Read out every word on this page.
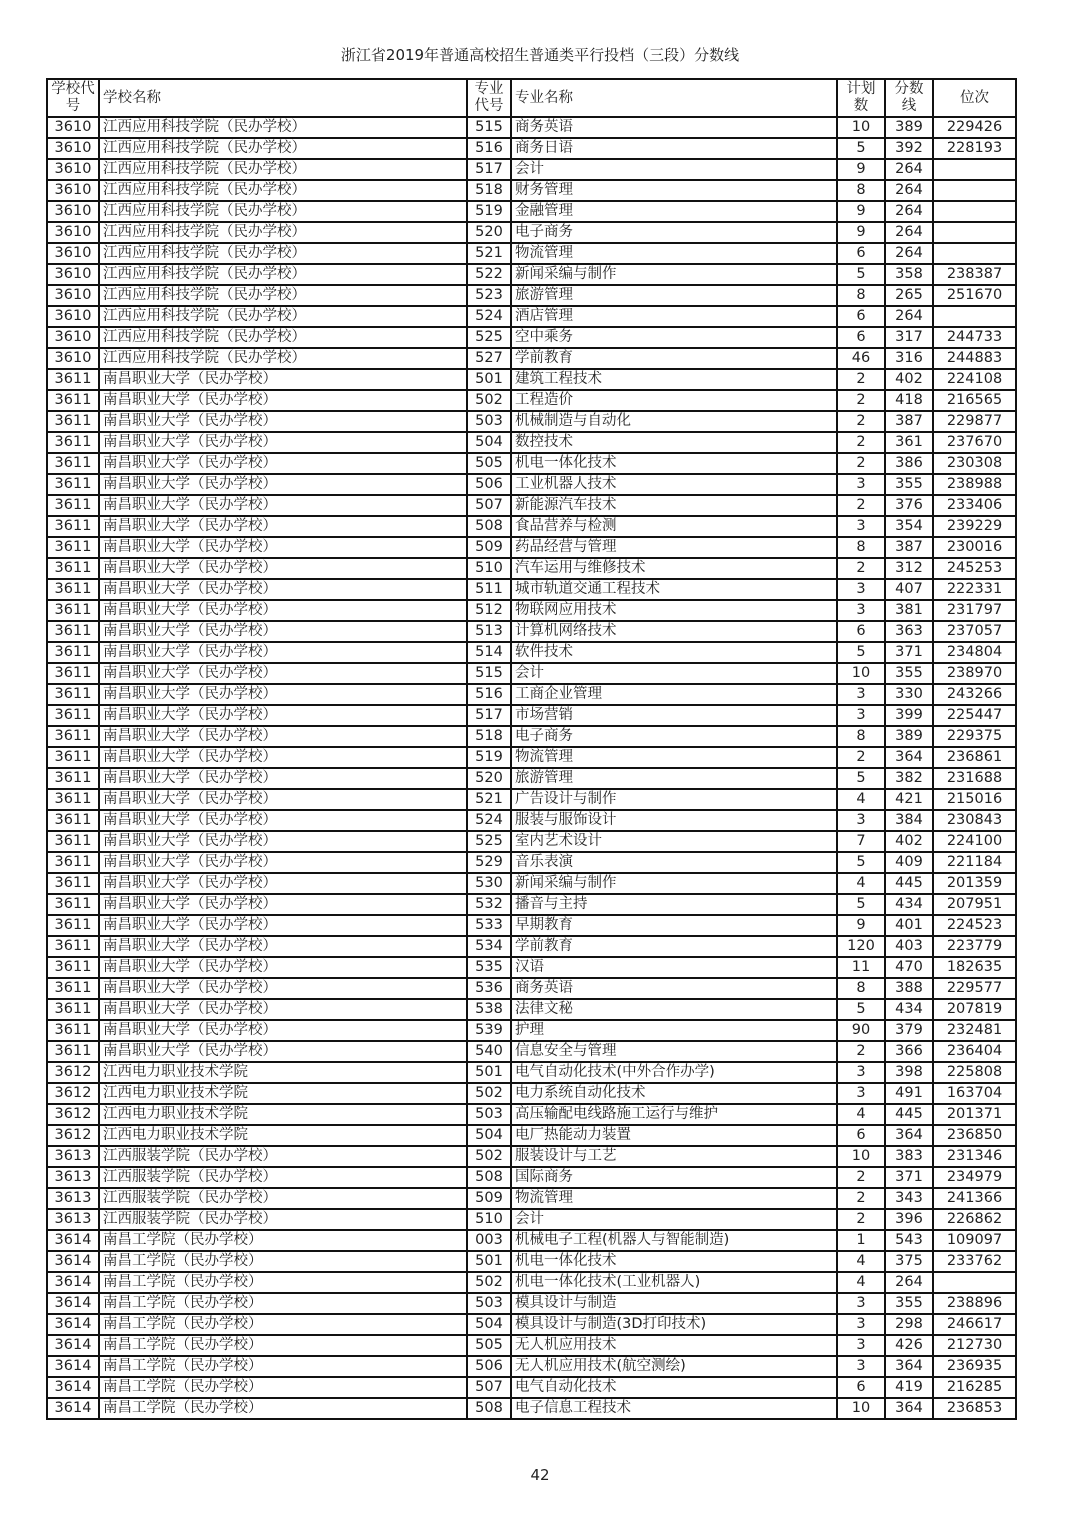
浙江省2019年普通高校招生普通类平行投档（三段）分数线
学校代号	学校名称	专业代号	专业名称	计划数	分数线	位次
3610	江西应用科技学院（民办学校）	515	商务英语	10	389	229426
3610	江西应用科技学院（民办学校）	516	商务日语	5	392	228193
3610	江西应用科技学院（民办学校）	517	会计	9	264	
3610	江西应用科技学院（民办学校）	518	财务管理	8	264	
3610	江西应用科技学院（民办学校）	519	金融管理	9	264	
3610	江西应用科技学院（民办学校）	520	电子商务	9	264	
3610	江西应用科技学院（民办学校）	521	物流管理	6	264	
3610	江西应用科技学院（民办学校）	522	新闻采编与制作	5	358	238387
3610	江西应用科技学院（民办学校）	523	旅游管理	8	265	251670
3610	江西应用科技学院（民办学校）	524	酒店管理	6	264	
3610	江西应用科技学院（民办学校）	525	空中乘务	6	317	244733
3610	江西应用科技学院（民办学校）	527	学前教育	46	316	244883
3611	南昌职业大学（民办学校）	501	建筑工程技术	2	402	224108
3611	南昌职业大学（民办学校）	502	工程造价	2	418	216565
3611	南昌职业大学（民办学校）	503	机械制造与自动化	2	387	229877
3611	南昌职业大学（民办学校）	504	数控技术	2	361	237670
3611	南昌职业大学（民办学校）	505	机电一体化技术	2	386	230308
3611	南昌职业大学（民办学校）	506	工业机器人技术	3	355	238988
3611	南昌职业大学（民办学校）	507	新能源汽车技术	2	376	233406
3611	南昌职业大学（民办学校）	508	食品营养与检测	3	354	239229
3611	南昌职业大学（民办学校）	509	药品经营与管理	8	387	230016
3611	南昌职业大学（民办学校）	510	汽车运用与维修技术	2	312	245253
3611	南昌职业大学（民办学校）	511	城市轨道交通工程技术	3	407	222331
3611	南昌职业大学（民办学校）	512	物联网应用技术	3	381	231797
3611	南昌职业大学（民办学校）	513	计算机网络技术	6	363	237057
3611	南昌职业大学（民办学校）	514	软件技术	5	371	234804
3611	南昌职业大学（民办学校）	515	会计	10	355	238970
3611	南昌职业大学（民办学校）	516	工商企业管理	3	330	243266
3611	南昌职业大学（民办学校）	517	市场营销	3	399	225447
3611	南昌职业大学（民办学校）	518	电子商务	8	389	229375
3611	南昌职业大学（民办学校）	519	物流管理	2	364	236861
3611	南昌职业大学（民办学校）	520	旅游管理	5	382	231688
3611	南昌职业大学（民办学校）	521	广告设计与制作	4	421	215016
3611	南昌职业大学（民办学校）	524	服装与服饰设计	3	384	230843
3611	南昌职业大学（民办学校）	525	室内艺术设计	7	402	224100
3611	南昌职业大学（民办学校）	529	音乐表演	5	409	221184
3611	南昌职业大学（民办学校）	530	新闻采编与制作	4	445	201359
3611	南昌职业大学（民办学校）	532	播音与主持	5	434	207951
3611	南昌职业大学（民办学校）	533	早期教育	9	401	224523
3611	南昌职业大学（民办学校）	534	学前教育	120	403	223779
3611	南昌职业大学（民办学校）	535	汉语	11	470	182635
3611	南昌职业大学（民办学校）	536	商务英语	8	388	229577
3611	南昌职业大学（民办学校）	538	法律文秘	5	434	207819
3611	南昌职业大学（民办学校）	539	护理	90	379	232481
3611	南昌职业大学（民办学校）	540	信息安全与管理	2	366	236404
3612	江西电力职业技术学院	501	电气自动化技术(中外合作办学)	3	398	225808
3612	江西电力职业技术学院	502	电力系统自动化技术	3	491	163704
3612	江西电力职业技术学院	503	高压输配电线路施工运行与维护	4	445	201371
3612	江西电力职业技术学院	504	电厂热能动力装置	6	364	236850
3613	江西服装学院（民办学校）	502	服装设计与工艺	10	383	231346
3613	江西服装学院（民办学校）	508	国际商务	2	371	234979
3613	江西服装学院（民办学校）	509	物流管理	2	343	241366
3613	江西服装学院（民办学校）	510	会计	2	396	226862
3614	南昌工学院（民办学校）	003	机械电子工程(机器人与智能制造)	1	543	109097
3614	南昌工学院（民办学校）	501	机电一体化技术	4	375	233762
3614	南昌工学院（民办学校）	502	机电一体化技术(工业机器人)	4	264	
3614	南昌工学院（民办学校）	503	模具设计与制造	3	355	238896
3614	南昌工学院（民办学校）	504	模具设计与制造(3D打印技术)	3	298	246617
3614	南昌工学院（民办学校）	505	无人机应用技术	3	426	212730
3614	南昌工学院（民办学校）	506	无人机应用技术(航空测绘)	3	364	236935
3614	南昌工学院（民办学校）	507	电气自动化技术	6	419	216285
3614	南昌工学院（民办学校）	508	电子信息工程技术	10	364	236853
42
